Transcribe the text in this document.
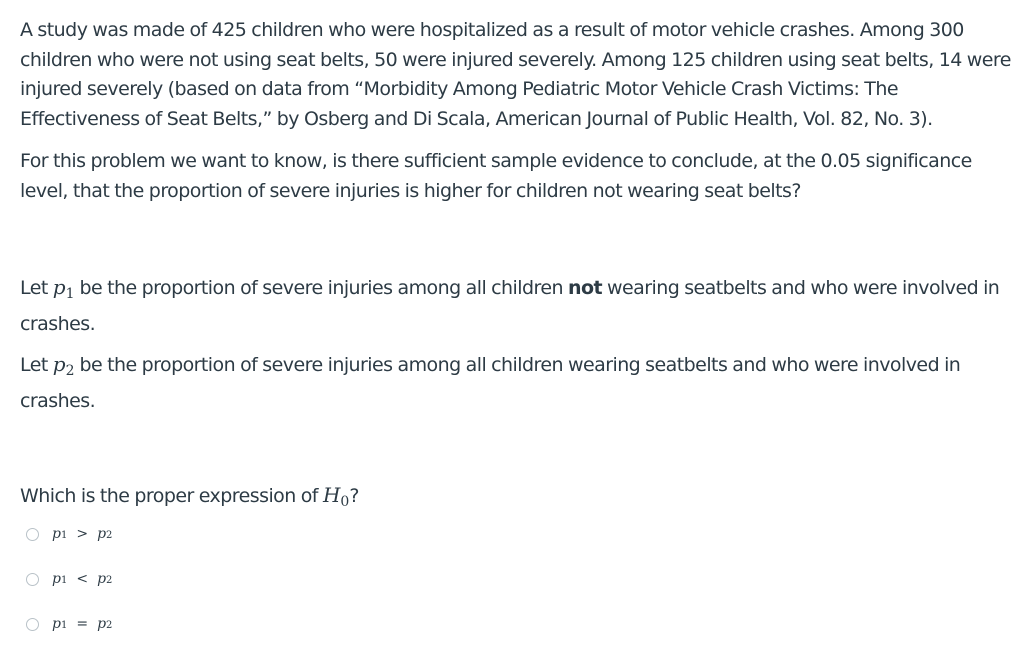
A study was made of 425 children who were hospitalized as a result of motor vehicle crashes. Among 300 children who were not using seat belts, 50 were injured severely. Among 125 children using seat belts, 14 were injured severely (based on data from “Morbidity Among Pediatric Motor Vehicle Crash Victims: The Effectiveness of Seat Belts,” by Osberg and Di Scala, American Journal of Public Health, Vol. 82, No. 3).

For this problem we want to know, is there sufficient sample evidence to conclude, at the 0.05 significance level, that the proportion of severe injuries is higher for children not wearing seat belts?

Let $p_1$ be the proportion of severe injuries among all children not wearing seatbelts and who were involved in crashes.

Let $p_2$ be the proportion of severe injuries among all children wearing seatbelts and who were involved in crashes.

Which is the proper expression of $H_0$?

p 1 > p 2
p 1 < p 2
p 1 = p 2
